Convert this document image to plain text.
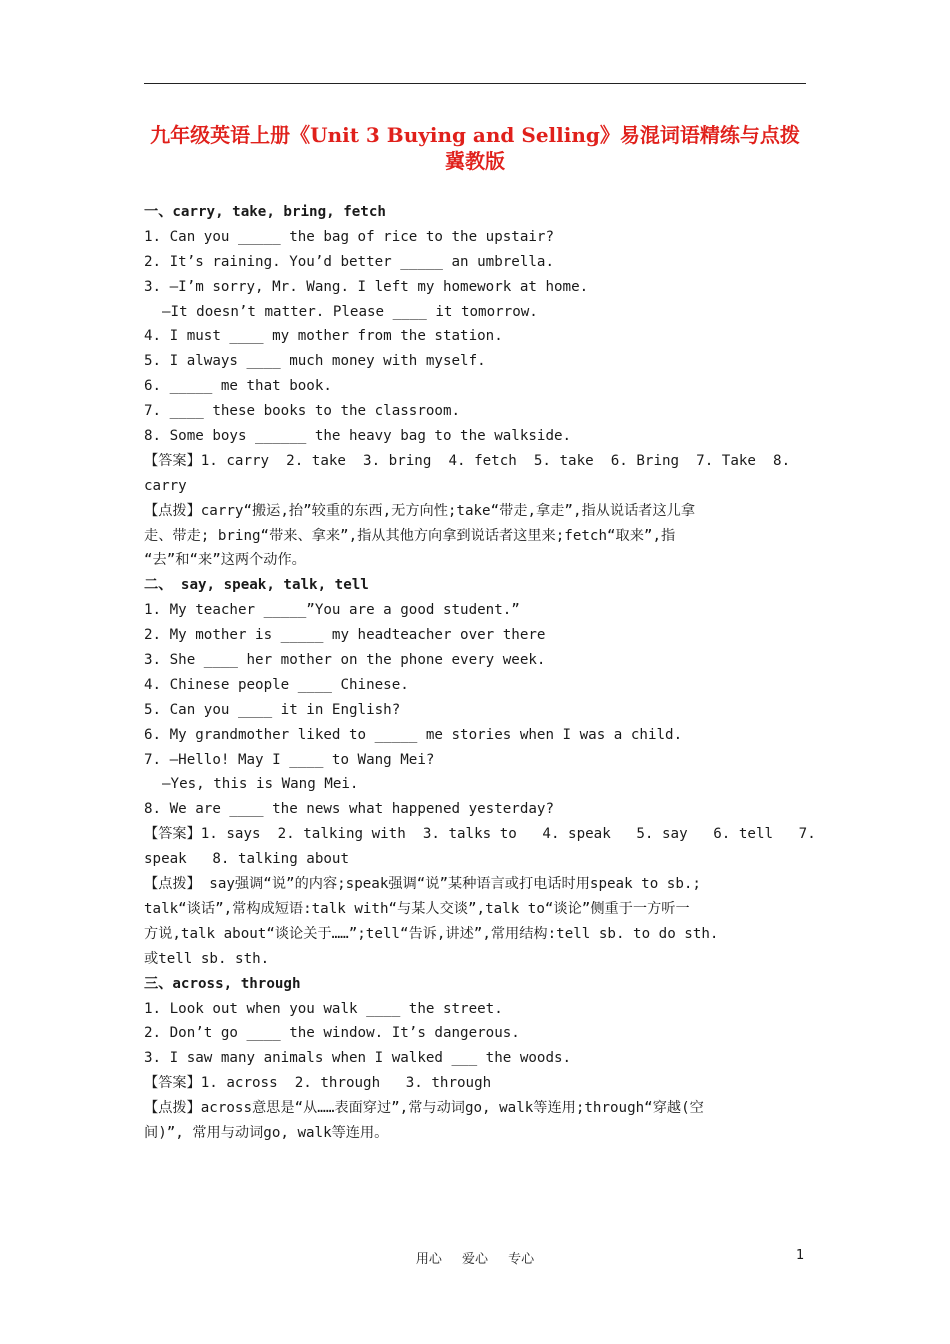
九年级英语上册《Unit 3 Buying and Selling》易混词语精练与点拨 冀教版
一、carry, take, bring, fetch
1. Can you _____ the bag of rice to the upstair?
2. It’s raining. You’d better _____ an umbrella.
3. –I’m sorry, Mr. Wang. I left my homework at home.
–It doesn’t matter. Please ____ it tomorrow.
4. I must ____ my mother from the station.
5. I always ____ much money with myself.
6. _____ me that book.
7. ____ these books to the classroom.
8. Some boys ______ the heavy bag to the walkside.
【答案】1. carry  2. take  3. bring  4. fetch  5. take  6. Bring  7. Take  8.
carry
【点拨】carry“搬运,抬”较重的东西,无方向性;take“带走,拿走”,指从说话者这儿拿
走、带走; bring“带来、拿来”,指从其他方向拿到说话者这里来;fetch“取来”,指
“去”和“来”这两个动作。
二、 say, speak, talk, tell
1. My teacher _____”You are a good student.”
2. My mother is _____ my headteacher over there
3. She ____ her mother on the phone every week.
4. Chinese people ____ Chinese.
5. Can you ____ it in English?
6. My grandmother liked to _____ me stories when I was a child.
7. –Hello! May I ____ to Wang Mei?
–Yes, this is Wang Mei.
8. We are ____ the news what happened yesterday?
【答案】1. says  2. talking with  3. talks to   4. speak   5. say   6. tell   7.
speak   8. talking about
【点拨】 say强调“说”的内容;speak强调“说”某种语言或打电话时用speak to sb.;
talk“谈话”,常构成短语:talk with“与某人交谈”,talk to“谈论”侧重于一方听一
方说,talk about“谈论关于……”;tell“告诉,讲述”,常用结构:tell sb. to do sth.
或tell sb. sth.
三、across, through
1. Look out when you walk ____ the street.
2. Don’t go ____ the window. It’s dangerous.
3. I saw many animals when I walked ___ the woods.
【答案】1. across  2. through   3. through
【点拨】across意思是“从……表面穿过”,常与动词go, walk等连用;through“穿越(空
间)”, 常用与动词go, walk等连用。
用心 爱心 专心	1
